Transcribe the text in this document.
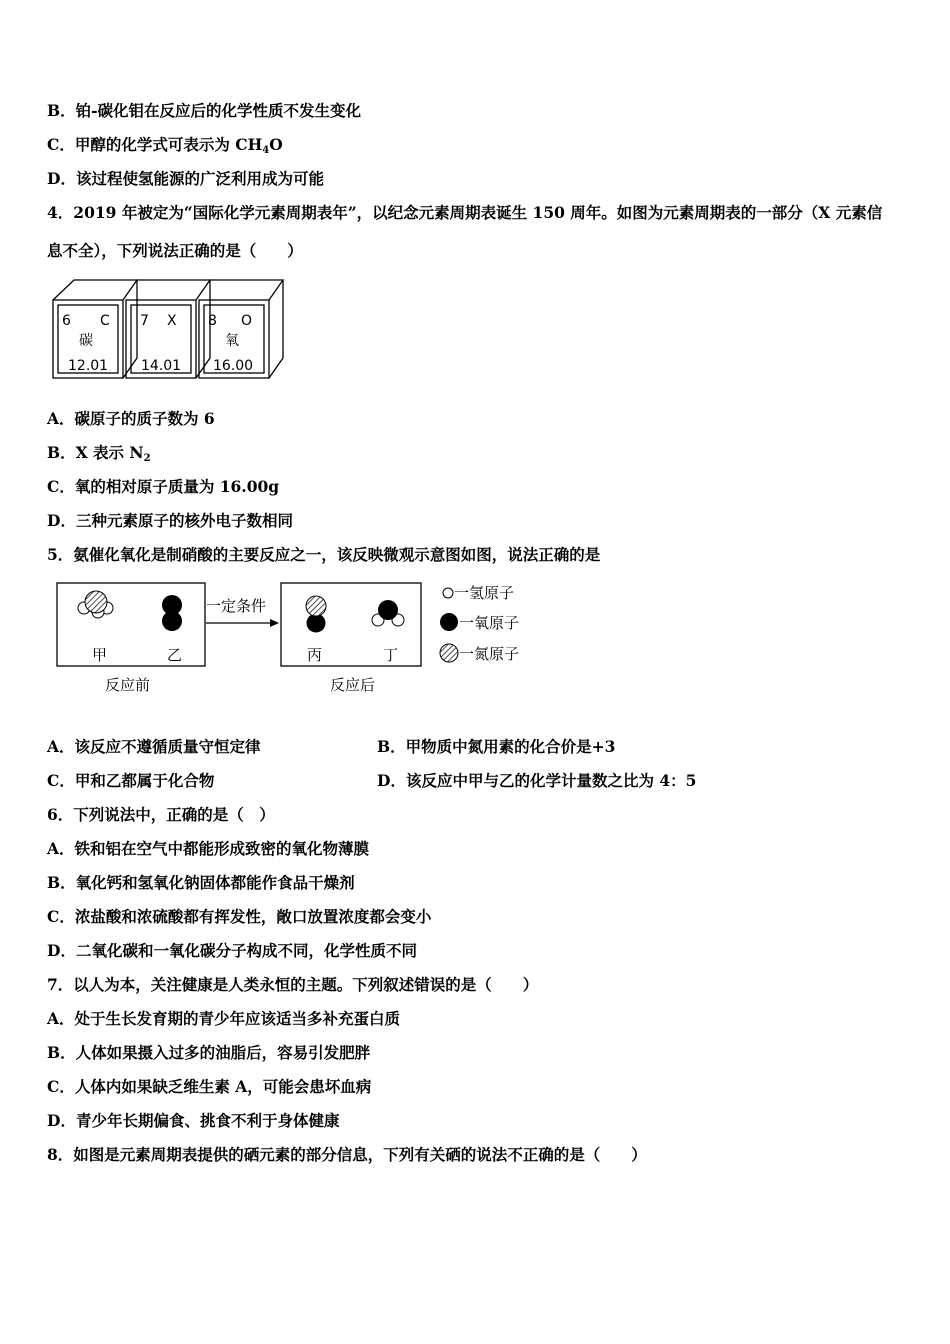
B．铂-碳化钼在反应后的化学性质不发生变化
C．甲醇的化学式可表示为 $CH_4O$
D．该过程使氢能源的广泛利用成为可能
4．2019 年被定为“国际化学元素周期表年”，以纪念元素周期表诞生 150 周年。如图为元素周期表的一部分（X 元素信
息不全），下列说法正确的是（　　）
6 C
碳
12.01
7 X
14.01
8 O
氧
16.00
A．碳原子的质子数为 6
B．X 表示 $N_2$
C．氧的相对原子质量为 16.00g
D．三种元素原子的核外电子数相同
5．氨催化氧化是制硝酸的主要反应之一，该反映微观示意图如图，说法正确的是
甲	乙
一定条件
丙	丁
反应前	反应后
一氢原子
一氧原子
一氮原子
A．该反应不遵循质量守恒定律	B．甲物质中氮用素的化合价是+3
C．甲和乙都属于化合物	D．该反应中甲与乙的化学计量数之比为 4：5
6．下列说法中，正确的是（　）
A．铁和铝在空气中都能形成致密的氧化物薄膜
B．氧化钙和氢氧化钠固体都能作食品干燥剂
C．浓盐酸和浓硫酸都有挥发性，敞口放置浓度都会变小
D．二氧化碳和一氧化碳分子构成不同，化学性质不同
7．以人为本，关注健康是人类永恒的主题。下列叙述错误的是（　　）
A．处于生长发育期的青少年应该适当多补充蛋白质
B．人体如果摄入过多的油脂后，容易引发肥胖
C．人体内如果缺乏维生素 A，可能会患坏血病
D．青少年长期偏食、挑食不利于身体健康
8．如图是元素周期表提供的硒元素的部分信息，下列有关硒的说法不正确的是（　　）
